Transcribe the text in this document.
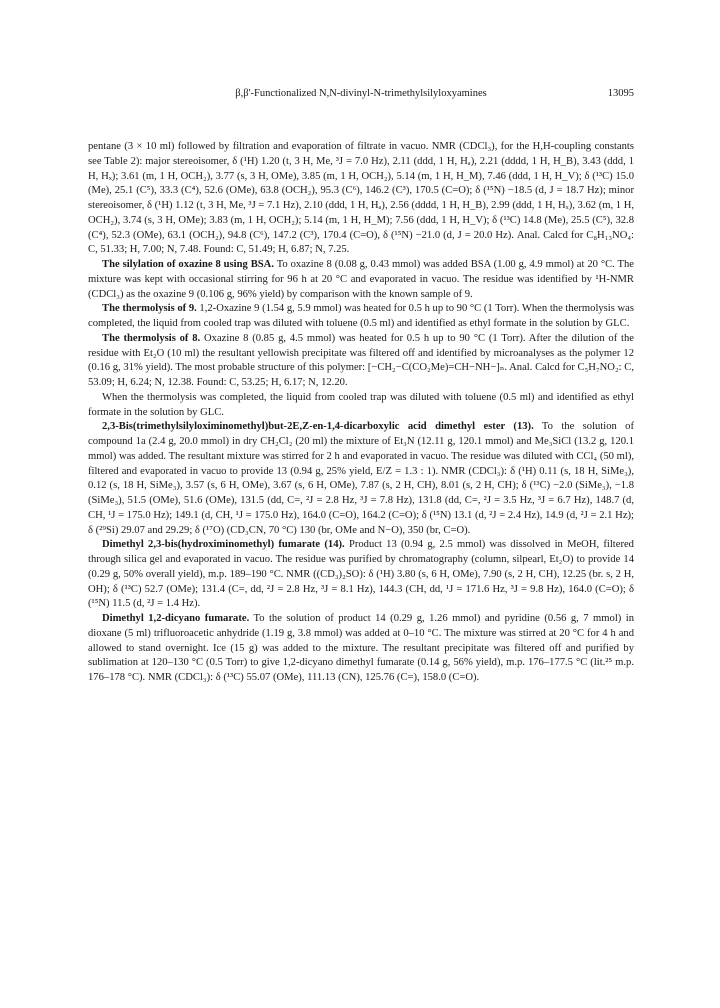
β,β'-Functionalized N,N-divinyl-N-trimethylsilyloxyamines	13095

pentane (3 × 10 ml) followed by filtration and evaporation of filtrate in vacuo. NMR (CDCl₃), for the H,H-coupling constants see Table 2): major stereoisomer, δ (¹H) 1.20 (t, 3 H, Me, ³J = 7.0 Hz), 2.11 (ddd, 1 H, Hₐ), 2.21 (dddd, 1 H, H_B), 3.43 (ddd, 1 H, Hₓ); 3.61 (m, 1 H, OCH₂), 3.77 (s, 3 H, OMe), 3.85 (m, 1 H, OCH₂), 5.14 (m, 1 H, H_M), 7.46 (ddd, 1 H, H_V); δ (¹³C) 15.0 (Me), 25.1 (C⁵), 33.3 (C⁴), 52.6 (OMe), 63.8 (OCH₂), 95.3 (C⁶), 146.2 (C³), 170.5 (C=O); δ (¹⁵N) −18.5 (d, J = 18.7 Hz); minor stereoisomer, δ (¹H) 1.12 (t, 3 H, Me, ³J = 7.1 Hz), 2.10 (ddd, 1 H, Hₐ), 2.56 (dddd, 1 H, H_B), 2.99 (ddd, 1 H, Hₓ), 3.62 (m, 1 H, OCH₂), 3.74 (s, 3 H, OMe); 3.83 (m, 1 H, OCH₂); 5.14 (m, 1 H, H_M); 7.56 (ddd, 1 H, H_V); δ (¹³C) 14.8 (Me), 25.5 (C⁵), 32.8 (C⁴), 52.3 (OMe), 63.1 (OCH₂), 94.8 (C⁶), 147.2 (C³), 170.4 (C=O), δ (¹⁵N) −21.0 (d, J = 20.0 Hz). Anal. Calcd for C₈H₁₃NO₄: C, 51.33; H, 7.00; N, 7.48. Found: C, 51.49; H, 6.87; N, 7.25.

The silylation of oxazine 8 using BSA. To oxazine 8 (0.08 g, 0.43 mmol) was added BSA (1.00 g, 4.9 mmol) at 20 °C. The mixture was kept with occasional stirring for 96 h at 20 °C and evaporated in vacuo. The residue was identified by ¹H-NMR (CDCl₃) as the oxazine 9 (0.106 g, 96% yield) by comparison with the known sample of 9.

The thermolysis of 9. 1,2-Oxazine 9 (1.54 g, 5.9 mmol) was heated for 0.5 h up to 90 °C (1 Torr). When the thermolysis was completed, the liquid from cooled trap was diluted with toluene (0.5 ml) and identified as ethyl formate in the solution by GLC.

The thermolysis of 8. Oxazine 8 (0.85 g, 4.5 mmol) was heated for 0.5 h up to 90 °C (1 Torr). After the dilution of the residue with Et₂O (10 ml) the resultant yellowish precipitate was filtered off and identified by microanalyses as the polymer 12 (0.16 g, 31% yield). The most probable structure of this polymer: [−CH₂−C(CO₂Me)=CH−NH−]ₙ. Anal. Calcd for C₅H₇NO₂: C, 53.09; H, 6.24; N, 12.38. Found: C, 53.25; H, 6.17; N, 12.20.

When the thermolysis was completed, the liquid from cooled trap was diluted with toluene (0.5 ml) and identified as ethyl formate in the solution by GLC.

2,3-Bis(trimethylsilyloximinomethyl)but-2E,Z-en-1,4-dicarboxylic acid dimethyl ester (13). To the solution of compound 1a (2.4 g, 20.0 mmol) in dry CH₂Cl₂ (20 ml) the mixture of Et₃N (12.11 g, 120.1 mmol) and Me₃SiCl (13.2 g, 120.1 mmol) was added. The resultant mixture was stirred for 2 h and evaporated in vacuo. The residue was diluted with CCl₄ (50 ml), filtered and evaporated in vacuo to provide 13 (0.94 g, 25% yield, E/Z = 1.3 : 1). NMR (CDCl₃): δ (¹H) 0.11 (s, 18 H, SiMe₃), 0.12 (s, 18 H, SiMe₃), 3.57 (s, 6 H, OMe), 3.67 (s, 6 H, OMe), 7.87 (s, 2 H, CH), 8.01 (s, 2 H, CH); δ (¹³C) −2.0 (SiMe₃), −1.8 (SiMe₃), 51.5 (OMe), 51.6 (OMe), 131.5 (dd, C=, ²J = 2.8 Hz, ³J = 7.8 Hz), 131.8 (dd, C=, ²J = 3.5 Hz, ³J = 6.7 Hz), 148.7 (d, CH, ¹J = 175.0 Hz); 149.1 (d, CH, ¹J = 175.0 Hz), 164.0 (C=O), 164.2 (C=O); δ (¹⁵N) 13.1 (d, ²J = 2.4 Hz), 14.9 (d, ²J = 2.1 Hz); δ (²⁹Si) 29.07 and 29.29; δ (¹⁷O) (CD₃CN, 70 °C) 130 (br, OMe and N−O), 350 (br, C=O).

Dimethyl 2,3-bis(hydroximinomethyl) fumarate (14). Product 13 (0.94 g, 2.5 mmol) was dissolved in MeOH, filtered through silica gel and evaporated in vacuo. The residue was purified by chromatography (column, silpearl, Et₂O) to provide 14 (0.29 g, 50% overall yield), m.p. 189–190 °C. NMR ((CD₃)₂SO): δ (¹H) 3.80 (s, 6 H, OMe), 7.90 (s, 2 H, CH), 12.25 (br. s, 2 H, OH); δ (¹³C) 52.7 (OMe); 131.4 (C=, dd, ²J = 2.8 Hz, ³J = 8.1 Hz), 144.3 (CH, dd, ¹J = 171.6 Hz, ³J = 9.8 Hz), 164.0 (C=O); δ (¹⁵N) 11.5 (d, ²J = 1.4 Hz).

Dimethyl 1,2-dicyano fumarate. To the solution of product 14 (0.29 g, 1.26 mmol) and pyridine (0.56 g, 7 mmol) in dioxane (5 ml) trifluoroacetic anhydride (1.19 g, 3.8 mmol) was added at 0–10 °C. The mixture was stirred at 20 °C for 4 h and allowed to stand overnight. Ice (15 g) was added to the mixture. The resultant precipitate was filtered off and purified by sublimation at 120–130 °C (0.5 Torr) to give 1,2-dicyano dimethyl fumarate (0.14 g, 56% yield), m.p. 176–177.5 °C (lit.²⁵ m.p. 176–178 °C). NMR (CDCl₃): δ (¹³C) 55.07 (OMe), 111.13 (CN), 125.76 (C=), 158.0 (C=O).
